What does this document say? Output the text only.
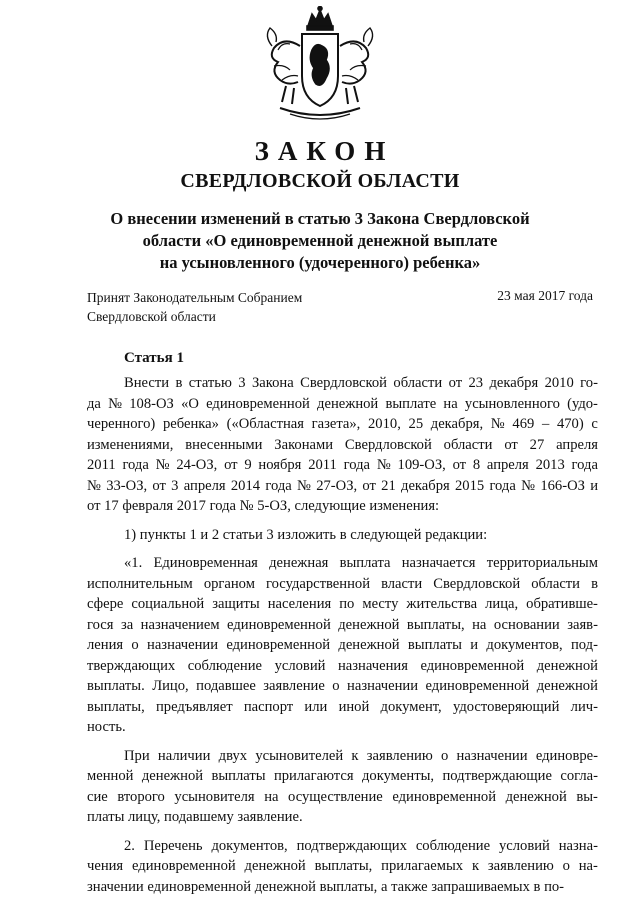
ЗАКОН
СВЕРДЛОВСКОЙ ОБЛАСТИ
О внесении изменений в статью 3 Закона Свердловской
области «О единовременной денежной выплате
на усыновленного (удочеренного) ребенка»
Принят Законодательным Собранием
Свердловской области
23 мая 2017 года
Статья 1
Внести в статью 3 Закона Свердловской области от 23 декабря 2010 го-
да № 108-ОЗ «О единовременной денежной выплате на усыновленного (удо-
черенного) ребенка» («Областная газета», 2010, 25 декабря, № 469 – 470) с
изменениями, внесенными Законами Свердловской области от 27 апреля
2011 года № 24-ОЗ, от 9 ноября 2011 года № 109-ОЗ, от 8 апреля 2013 года
№ 33-ОЗ, от 3 апреля 2014 года № 27-ОЗ, от 21 декабря 2015 года № 166-ОЗ и
от 17 февраля 2017 года № 5-ОЗ, следующие изменения:
1) пункты 1 и 2 статьи 3 изложить в следующей редакции:
«1. Единовременная денежная выплата назначается территориальным
исполнительным органом государственной власти Свердловской области в
сфере социальной защиты населения по месту жительства лица, обративше-
гося за назначением единовременной денежной выплаты, на основании заяв-
ления о назначении единовременной денежной выплаты и документов, под-
тверждающих соблюдение условий назначения единовременной денежной
выплаты. Лицо, подавшее заявление о назначении единовременной денежной
выплаты, предъявляет паспорт или иной документ, удостоверяющий лич-
ность.
При наличии двух усыновителей к заявлению о назначении единовре-
менной денежной выплаты прилагаются документы, подтверждающие согла-
сие второго усыновителя на осуществление единовременной денежной вы-
платы лицу, подавшему заявление.
2. Перечень документов, подтверждающих соблюдение условий назна-
чения единовременной денежной выплаты, прилагаемых к заявлению о на-
значении единовременной денежной выплаты, а также запрашиваемых в по-
